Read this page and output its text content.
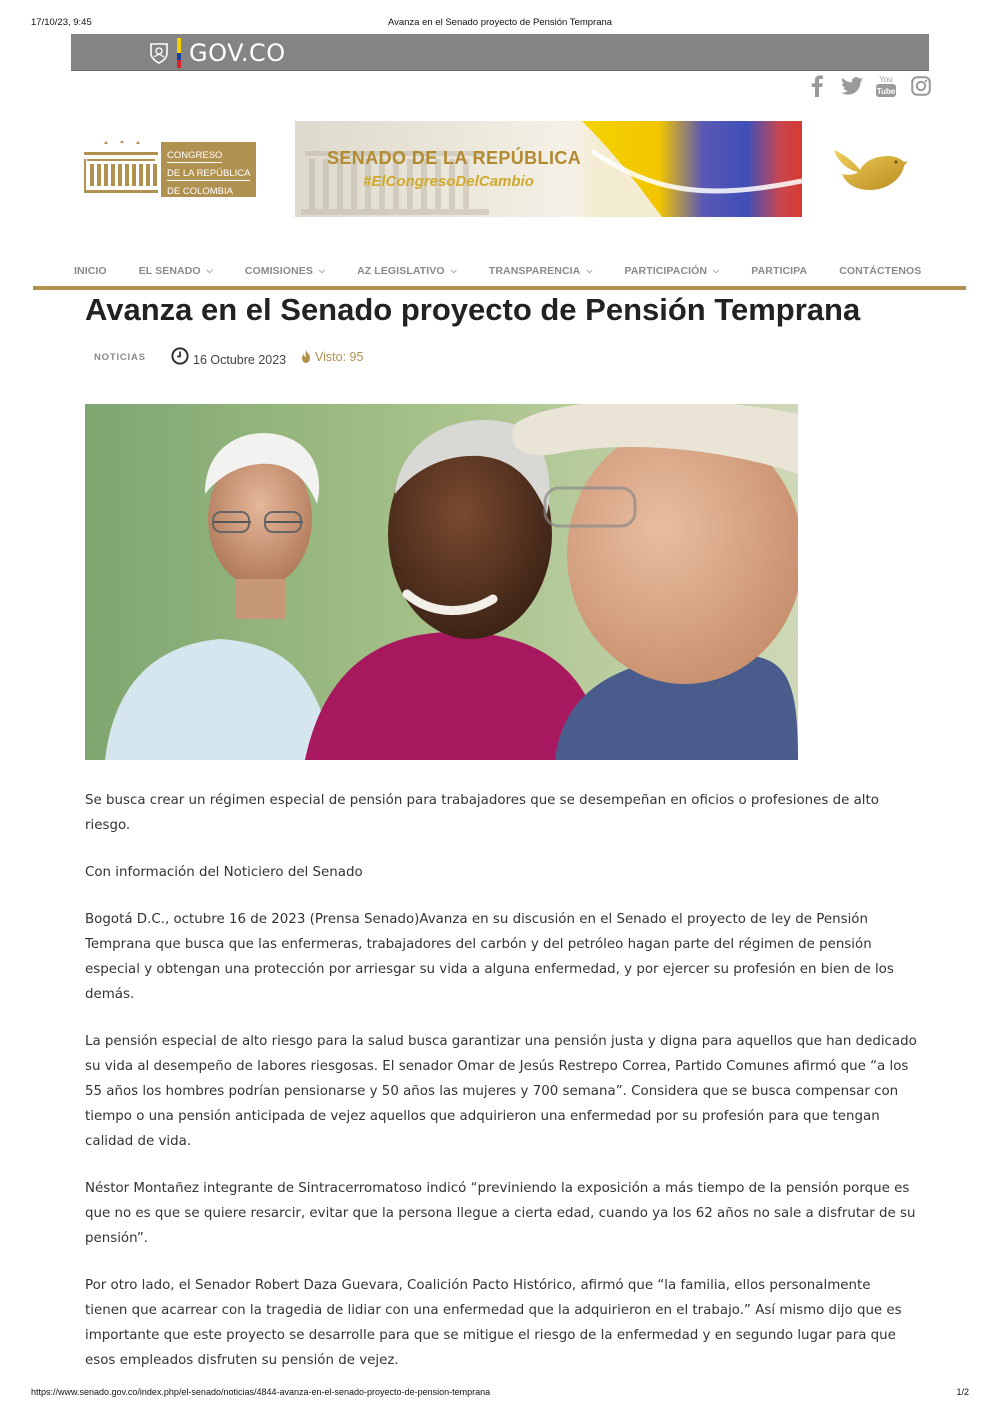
17/10/23, 9:45	Avanza en el Senado proyecto de Pensión Temprana
GOV.CO
You
Tube
CONGRESO
DE LA REPÚBLICA
DE COLOMBIA
SENADO DE LA REPÚBLICA
SENADO DE LA REPÚBLICA
#ElCongresoDelCambio
INICIO	EL SENADO ⌵	COMISIONES ⌵	AZ LEGISLATIVO ⌵	TRANSPARENCIA ⌵	PARTICIPACIÓN ⌵	PARTICIPA	CONTÁCTENOS
Avanza en el Senado proyecto de Pensión Temprana
NOTICIAS	16 Octubre 2023 Visto: 95

Se busca crear un régimen especial de pensión para trabajadores que se desempeñan en oficios o profesiones de alto riesgo.

Con información del Noticiero del Senado

Bogotá D.C., octubre 16 de 2023 (Prensa Senado)Avanza en su discusión en el Senado el proyecto de ley de Pensión Temprana que busca que las enfermeras, trabajadores del carbón y del petróleo hagan parte del régimen de pensión especial y obtengan una protección por arriesgar su vida a alguna enfermedad, y por ejercer su profesión en bien de los demás.

La pensión especial de alto riesgo para la salud busca garantizar una pensión justa y digna para aquellos que han dedicado su vida al desempeño de labores riesgosas. El senador Omar de Jesús Restrepo Correa, Partido Comunes afirmó que “a los 55 años los hombres podrían pensionarse y 50 años las mujeres y 700 semana”. Considera que se busca compensar con tiempo o una pensión anticipada de vejez aquellos que adquirieron una enfermedad por su profesión para que tengan calidad de vida.

Néstor Montañez integrante de Sintracerromatoso indicó “previniendo la exposición a más tiempo de la pensión porque es que no es que se quiere resarcir, evitar que la persona llegue a cierta edad, cuando ya los 62 años no sale a disfrutar de su pensión”.

Por otro lado, el Senador Robert Daza Guevara, Coalición Pacto Histórico, afirmó que “la familia, ellos personalmente tienen que acarrear con la tragedia de lidiar con una enfermedad que la adquirieron en el trabajo.” Así mismo dijo que es importante que este proyecto se desarrolle para que se mitigue el riesgo de la enfermedad y en segundo lugar para que esos empleados disfruten su pensión de vejez.

https://www.senado.gov.co/index.php/el-senado/noticias/4844-avanza-en-el-senado-proyecto-de-pension-temprana	1/2
